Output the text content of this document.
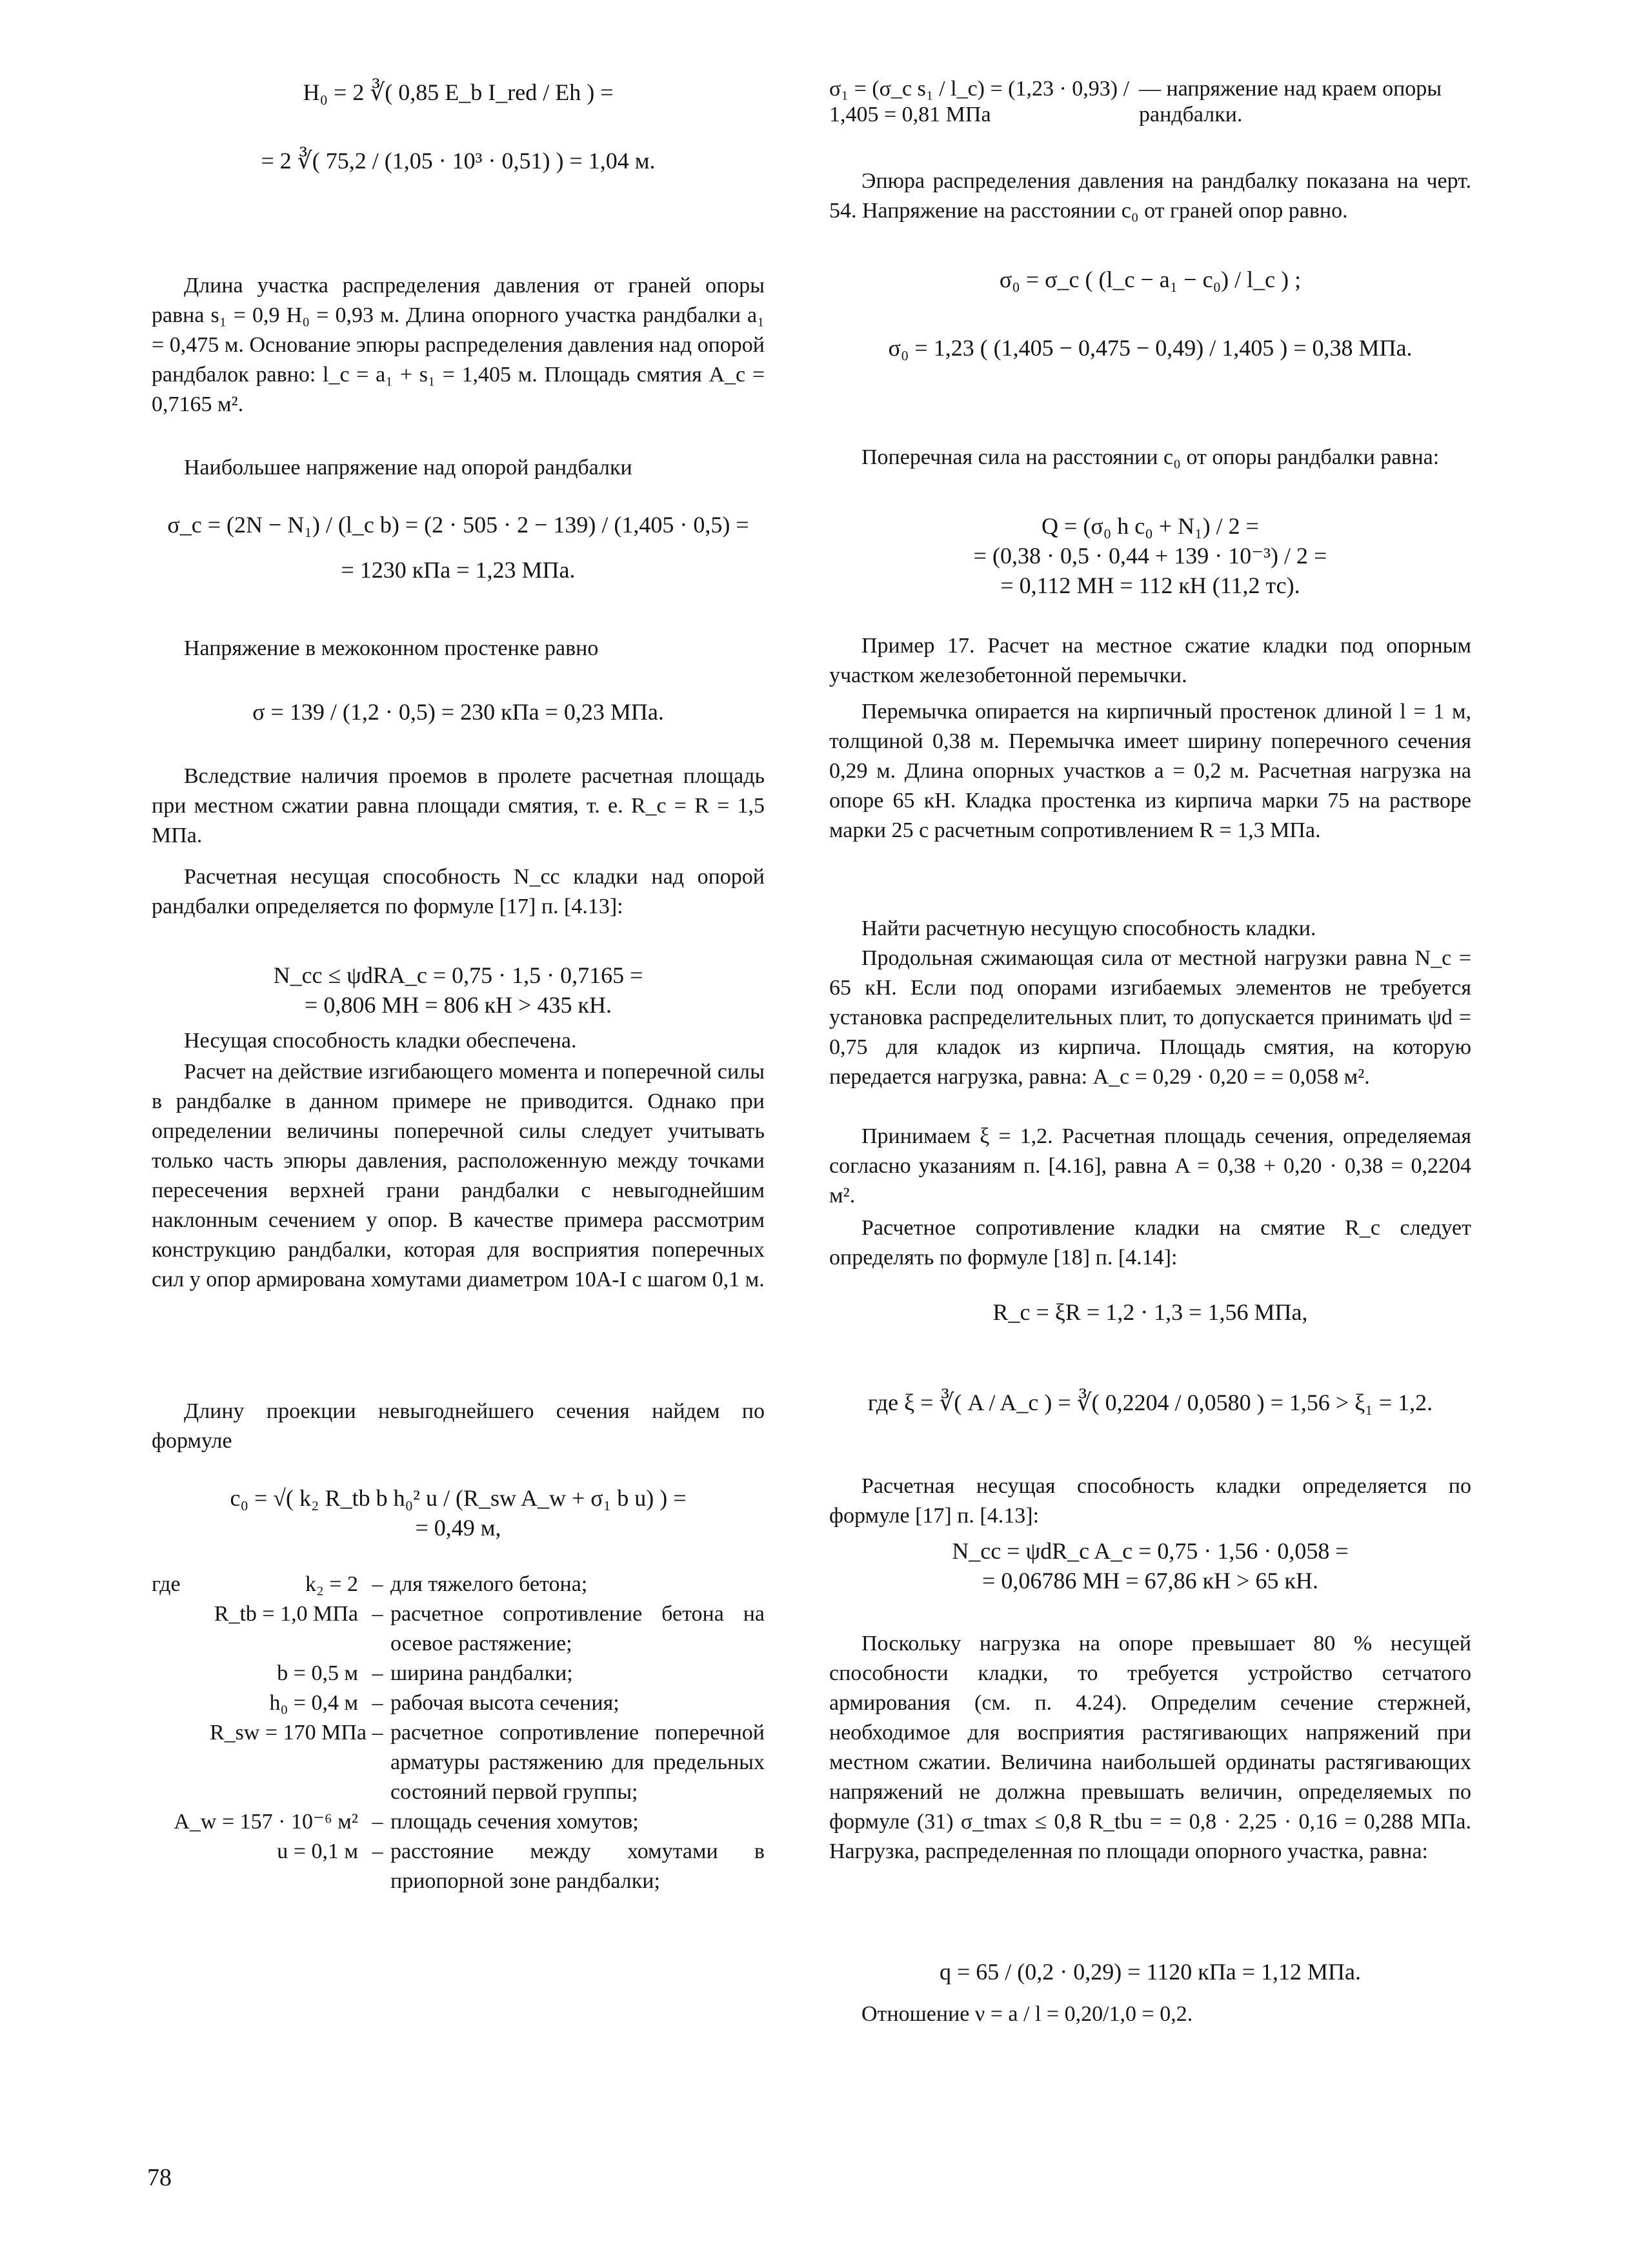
H₀ = 2 ∛( 0,85 E_b I_red / Eh ) =

= 2 ∛( 75,2 / (1,05 · 10³ · 0,51) ) = 1,04 м.

Длина участка распределения давления от граней опоры равна s₁ = 0,9 H₀ = 0,93 м. Длина опорного участка рандбалки a₁ = 0,475 м. Основание эпюры распределения давления над опорой рандбалок равно: l_c = a₁ + s₁ = 1,405 м. Площадь смятия A_c = 0,7165 м².

Наибольшее напряжение над опорой рандбалки

σ_c = (2N − N₁) / (l_c b) = (2 · 505 · 2 − 139) / (1,405 · 0,5) =

= 1230 кПа = 1,23 МПа.

Напряжение в межоконном простенке равно

σ = 139 / (1,2 · 0,5) = 230 кПа = 0,23 МПа.

Вследствие наличия проемов в пролете расчетная площадь при местном сжатии равна площади смятия, т. е. R_c = R = 1,5 МПа.

Расчетная несущая способность N_cc кладки над опорой рандбалки определяется по формуле [17] п. [4.13]:

N_cc ≤ ψdRA_c = 0,75 · 1,5 · 0,7165 =

= 0,806 МН = 806 кН > 435 кН.

Несущая способность кладки обеспечена.

Расчет на действие изгибающего момента и поперечной силы в рандбалке в данном примере не приводится. Однако при определении величины поперечной силы следует учитывать только часть эпюры давления, расположенную между точками пересечения верхней грани рандбалки с невыгоднейшим наклонным сечением у опор. В качестве примера рассмотрим конструкцию рандбалки, которая для восприятия поперечных сил у опор армирована хомутами диаметром 10А-I с шагом 0,1 м.

Длину проекции невыгоднейшего сечения найдем по формуле

c₀ = √( k₂ R_tb b h₀² u / (R_sw A_w + σ₁ b u) ) =

= 0,49 м,

где	k₂ = 2 – для тяжелого бетона;
R_tb = 1,0 МПа – расчетное сопротивление бетона на осевое растяжение;
b = 0,5 м – ширина рандбалки;
h₀ = 0,4 м – рабочая высота сечения;
R_sw = 170 МПа – расчетное сопротивление поперечной арматуры растяжению для предельных состояний первой группы;
A_w = 157 · 10⁻⁶ м² – площадь сечения хомутов;
u = 0,1 м – расстояние между хомутами в приопорной зоне рандбалки;
σ₁ = (σ_c s₁ / l_c) = (1,23 · 0,93) / 1,405 = 0,81 МПа
— напряжение над краем опоры рандбалки.

Эпюра распределения давления на рандбалку показана на черт. 54. Напряжение на расстоянии c₀ от граней опор равно.

σ₀ = σ_c ( (l_c − a₁ − c₀) / l_c ) ;

σ₀ = 1,23 ( (1,405 − 0,475 − 0,49) / 1,405 ) = 0,38 МПа.

Поперечная сила на расстоянии c₀ от опоры рандбалки равна:

Q = (σ₀ h c₀ + N₁) / 2 =

= (0,38 · 0,5 · 0,44 + 139 · 10⁻³) / 2 =

= 0,112 МН = 112 кН (11,2 тс).

Пример 17. Расчет на местное сжатие кладки под опорным участком железобетонной перемычки.

Перемычка опирается на кирпичный простенок длиной l = 1 м, толщиной 0,38 м. Перемычка имеет ширину поперечного сечения 0,29 м. Длина опорных участков a = 0,2 м. Расчетная нагрузка на опоре 65 кН. Кладка простенка из кирпича марки 75 на растворе марки 25 с расчетным сопротивлением R = 1,3 МПа.

Найти расчетную несущую способность кладки.

Продольная сжимающая сила от местной нагрузки равна N_c = 65 кН. Если под опорами изгибаемых элементов не требуется установка распределительных плит, то допускается принимать ψd = 0,75 для кладок из кирпича. Площадь смятия, на которую передается нагрузка, равна: A_c = 0,29 · 0,20 = = 0,058 м².

Принимаем ξ = 1,2. Расчетная площадь сечения, определяемая согласно указаниям п. [4.16], равна A = 0,38 + 0,20 · 0,38 = 0,2204 м².

Расчетное сопротивление кладки на смятие R_c следует определять по формуле [18] п. [4.14]:

R_c = ξR = 1,2 · 1,3 = 1,56 МПа,

где ξ = ∛( A / A_c ) = ∛( 0,2204 / 0,0580 ) = 1,56 > ξ₁ = 1,2.

Расчетная несущая способность кладки определяется по формуле [17] п. [4.13]:

N_cc = ψdR_c A_c = 0,75 · 1,56 · 0,058 =

= 0,06786 МН = 67,86 кН > 65 кН.

Поскольку нагрузка на опоре превышает 80 % несущей способности кладки, то требуется устройство сетчатого армирования (см. п. 4.24). Определим сечение стержней, необходимое для восприятия растягивающих напряжений при местном сжатии. Величина наибольшей ординаты растягивающих напряжений не должна превышать величин, определяемых по формуле (31) σ_tmax ≤ 0,8 R_tbu = = 0,8 · 2,25 · 0,16 = 0,288 МПа. Нагрузка, распределенная по площади опорного участка, равна:

q = 65 / (0,2 · 0,29) = 1120 кПа = 1,12 МПа.

Отношение ν = a / l = 0,20/1,0 = 0,2.

78
